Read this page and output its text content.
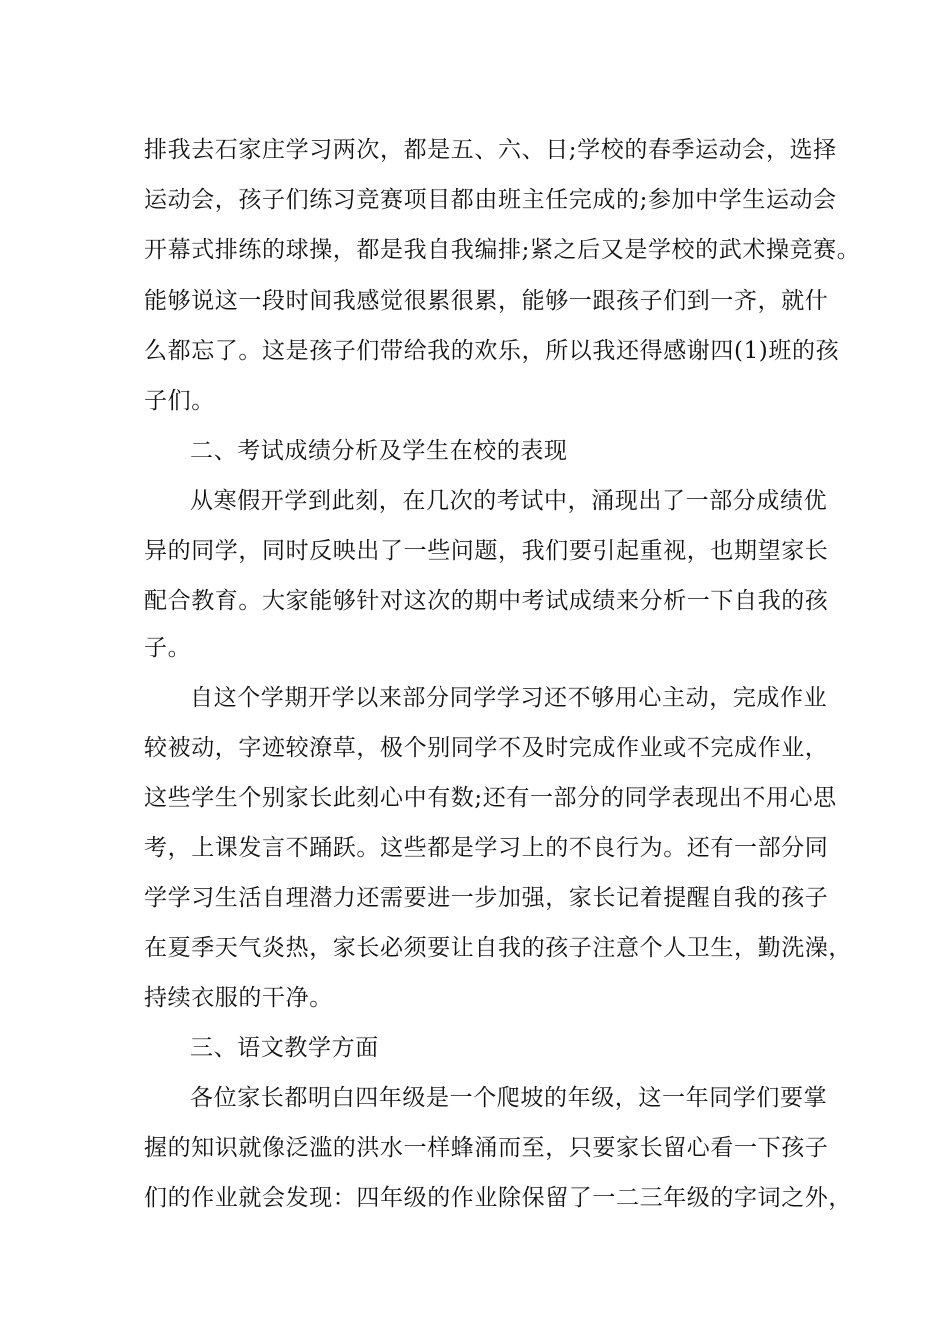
排我去石家庄学习两次，都是五、六、日;学校的春季运动会，选择
运动会，孩子们练习竞赛项目都由班主任完成的;参加中学生运动会
开幕式排练的球操，都是我自我编排;紧之后又是学校的武术操竞赛。
能够说这一段时间我感觉很累很累，能够一跟孩子们到一齐，就什
么都忘了。这是孩子们带给我的欢乐，所以我还得感谢四(1)班的孩
子们。
二、考试成绩分析及学生在校的表现
从寒假开学到此刻，在几次的考试中，涌现出了一部分成绩优
异的同学，同时反映出了一些问题，我们要引起重视，也期望家长
配合教育。大家能够针对这次的期中考试成绩来分析一下自我的孩
子。
自这个学期开学以来部分同学学习还不够用心主动，完成作业
较被动，字迹较潦草，极个别同学不及时完成作业或不完成作业，
这些学生个别家长此刻心中有数;还有一部分的同学表现出不用心思
考，上课发言不踊跃。这些都是学习上的不良行为。还有一部分同
学学习生活自理潜力还需要进一步加强，家长记着提醒自我的孩子
在夏季天气炎热，家长必须要让自我的孩子注意个人卫生，勤洗澡，
持续衣服的干净。
三、语文教学方面
各位家长都明白四年级是一个爬坡的年级，这一年同学们要掌
握的知识就像泛滥的洪水一样蜂涌而至，只要家长留心看一下孩子
们的作业就会发现：四年级的作业除保留了一二三年级的字词之外，
